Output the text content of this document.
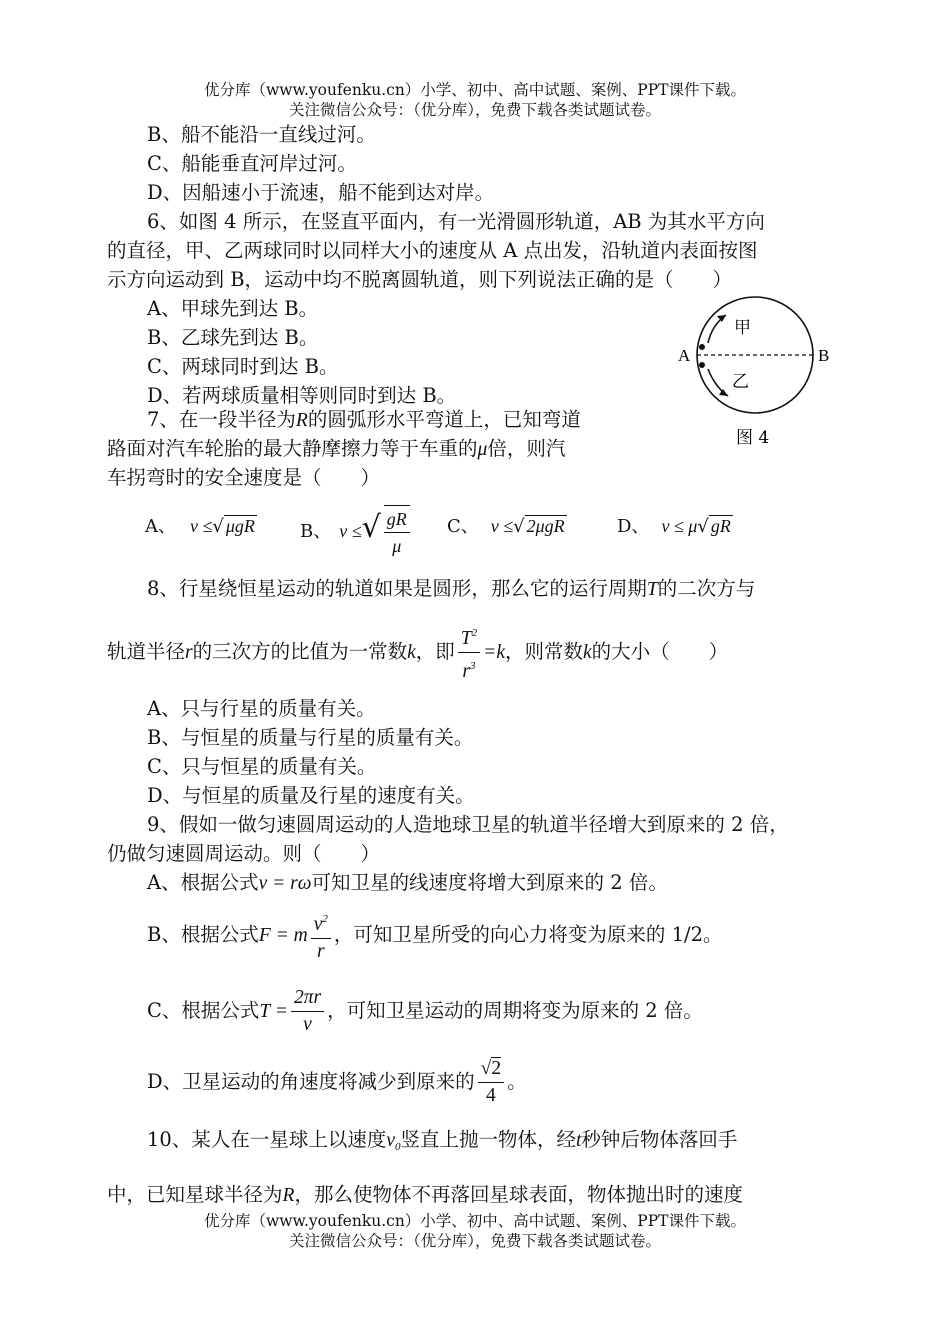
优分库（www.youfenku.cn）小学、初中、高中试题、案例、PPT课件下载。
关注微信公众号：（优分库），免费下载各类试题试卷。
B、船不能沿一直线过河。
C、船能垂直河岸过河。
D、因船速小于流速，船不能到达对岸。
6、如图 4 所示，在竖直平面内，有一光滑圆形轨道，AB 为其水平方向
的直径，甲、乙两球同时以同样大小的速度从 A 点出发，沿轨道内表面按图
示方向运动到 B，运动中均不脱离圆轨道，则下列说法正确的是（　　）
A、甲球先到达 B。
B、乙球先到达 B。
C、两球同时到达 B。
D、若两球质量相等则同时到达 B。
A	B
甲
乙
图 4
7、在一段半径为R的圆弧形水平弯道上，已知弯道
路面对汽车轮胎的最大静摩擦力等于车重的μ倍，则汽
车拐弯时的安全速度是（　　）
A、 v ≤√ μgR	B、 v ≤√ $\frac{gR}{\mu}$ C、 v ≤√ 2μgR	D、 v ≤ μ√ gR
8、行星绕恒星运动的轨道如果是圆形，那么它的运行周期T的二次方与
轨道半径r的三次方的比值为一常数k，即 $\frac{T^2}{r^3} =k$，则常数k的大小（　　）
A、只与行星的质量有关。
B、与恒星的质量与行星的质量有关。
C、只与恒星的质量有关。
D、与恒星的质量及行星的速度有关。
9、假如一做匀速圆周运动的人造地球卫星的轨道半径增大到原来的 2 倍，
仍做匀速圆周运动。则（　　）
A、根据公式v = rω可知卫星的线速度将增大到原来的 2 倍。
B、根据公式F = m $\frac{v^2}{r}$ ，可知卫星所受的向心力将变为原来的 1/2。
C、根据公式$T = \frac{2\pi r}{v}$ ，可知卫星运动的周期将变为原来的 2 倍。
D、卫星运动的角速度将减少到原来的 $\frac{√2}{4}$ 。
10、某人在一星球上以速度$v_0$竖直上抛一物体，经t秒钟后物体落回手
中，已知星球半径为R，那么使物体不再落回星球表面，物体抛出时的速度
优分库（www.youfenku.cn）小学、初中、高中试题、案例、PPT课件下载。
关注微信公众号：（优分库），免费下载各类试题试卷。
